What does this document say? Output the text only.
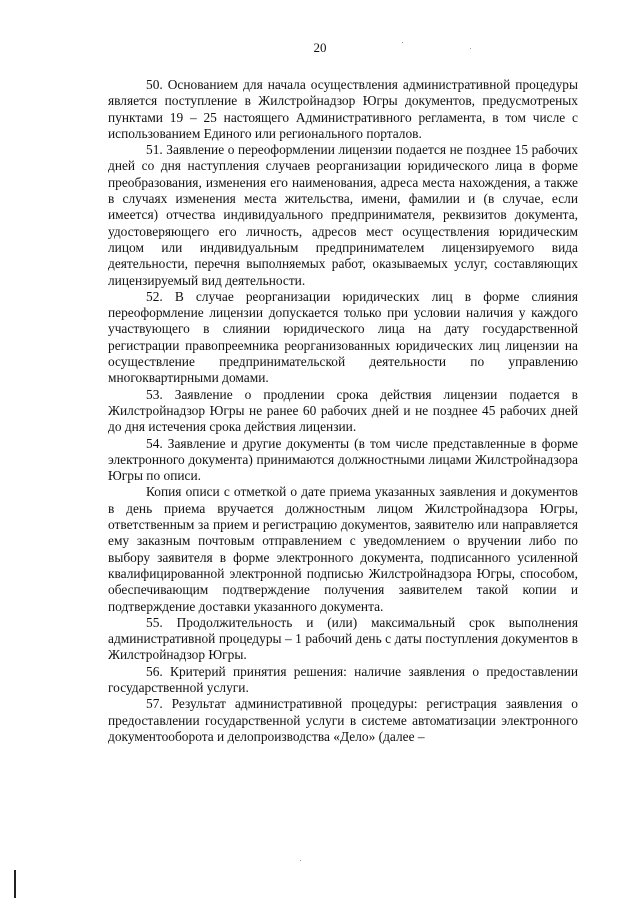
20

50. Основанием для начала осуществления административной процедуры является поступление в Жилстройнадзор Югры документов, предусмотреных пунктами 19 – 25 настоящего Административного регламента, в том числе с использованием Единого или регионального порталов.

51. Заявление о переоформлении лицензии подается не позднее 15 рабочих дней со дня наступления случаев реорганизации юридического лица в форме преобразования, изменения его наименования, адреса места нахождения, а также в случаях изменения места жительства, имени, фамилии и (в случае, если имеется) отчества индивидуального предпринимателя, реквизитов документа, удостоверяющего его личность, адресов мест осуществления юридическим лицом или индивидуальным предпринимателем лицензируемого вида деятельности, перечня выполняемых работ, оказываемых услуг, составляющих лицензируемый вид деятельности.

52. В случае реорганизации юридических лиц в форме слияния переоформление лицензии допускается только при условии наличия у каждого участвующего в слиянии юридического лица на дату государственной регистрации правопреемника реорганизованных юридических лиц лицензии на осуществление предпринимательской деятельности по управлению многоквартирными домами.

53. Заявление о продлении срока действия лицензии подается в Жилстройнадзор Югры не ранее 60 рабочих дней и не позднее 45 рабочих дней до дня истечения срока действия лицензии.

54. Заявление и другие документы (в том числе представленные в форме электронного документа) принимаются должностными лицами Жилстройнадзора Югры по описи.

Копия описи с отметкой о дате приема указанных заявления и документов в день приема вручается должностным лицом Жилстройнадзора Югры, ответственным за прием и регистрацию документов, заявителю или направляется ему заказным почтовым отправлением с уведомлением о вручении либо по выбору заявителя в форме электронного документа, подписанного усиленной квалифицированной электронной подписью Жилстройнадзора Югры, способом, обеспечивающим подтверждение получения заявителем такой копии и подтверждение доставки указанного документа.

55. Продолжительность и (или) максимальный срок выполнения административной процедуры – 1 рабочий день с даты поступления документов в Жилстройнадзор Югры.

56. Критерий принятия решения: наличие заявления о предоставлении государственной услуги.

57. Результат административной процедуры: регистрация заявления о предоставлении государственной услуги в системе автоматизации электронного документооборота и делопроизводства «Дело» (далее –
